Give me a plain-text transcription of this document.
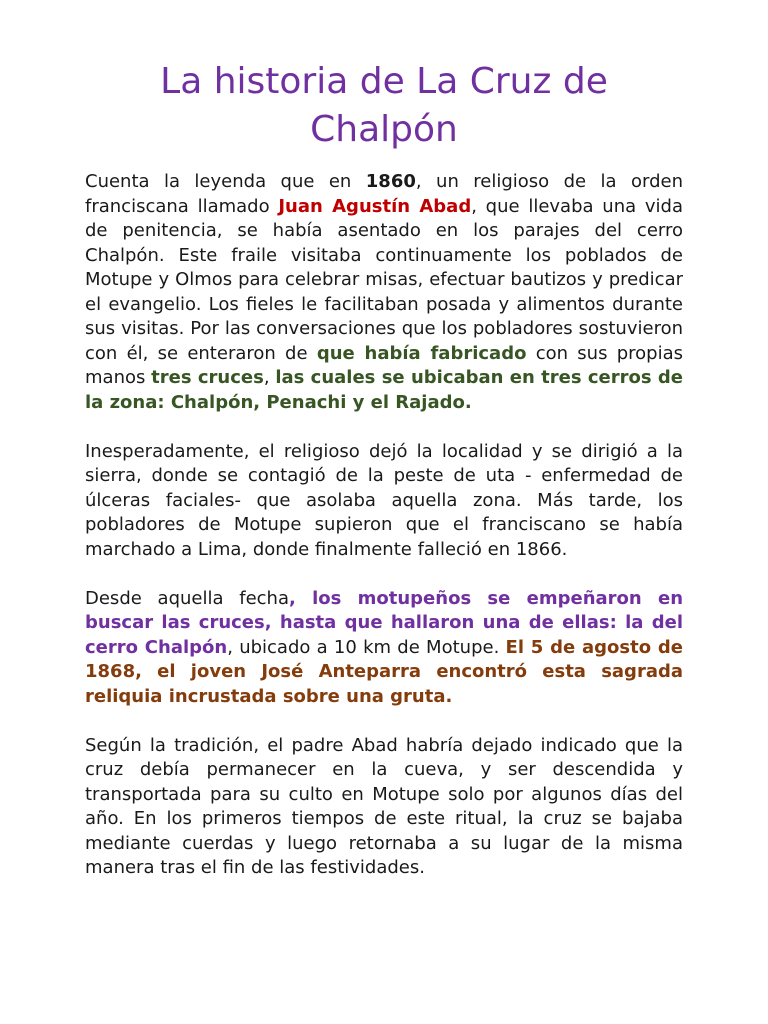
La historia de La Cruz de Chalpón

Cuenta la leyenda que en 1860, un religioso de la orden franciscana llamado Juan Agustín Abad, que llevaba una vida de penitencia, se había asentado en los parajes del cerro Chalpón. Este fraile visitaba continuamente los poblados de Motupe y Olmos para celebrar misas, efectuar bautizos y predicar el evangelio. Los fieles le facilitaban posada y alimentos durante sus visitas. Por las conversaciones que los pobladores sostuvieron con él, se enteraron de que había fabricado con sus propias manos tres cruces, las cuales se ubicaban en tres cerros de la zona: Chalpón, Penachi y el Rajado.

Inesperadamente, el religioso dejó la localidad y se dirigió a la sierra, donde se contagió de la peste de uta - enfermedad de úlceras faciales- que asolaba aquella zona. Más tarde, los pobladores de Motupe supieron que el franciscano se había marchado a Lima, donde finalmente falleció en 1866.

Desde aquella fecha, los motupeños se empeñaron en buscar las cruces, hasta que hallaron una de ellas: la del cerro Chalpón, ubicado a 10 km de Motupe. El 5 de agosto de 1868, el joven José Anteparra encontró esta sagrada reliquia incrustada sobre una gruta.

Según la tradición, el padre Abad habría dejado indicado que la cruz debía permanecer en la cueva, y ser descendida y transportada para su culto en Motupe solo por algunos días del año. En los primeros tiempos de este ritual, la cruz se bajaba mediante cuerdas y luego retornaba a su lugar de la misma manera tras el fin de las festividades.
